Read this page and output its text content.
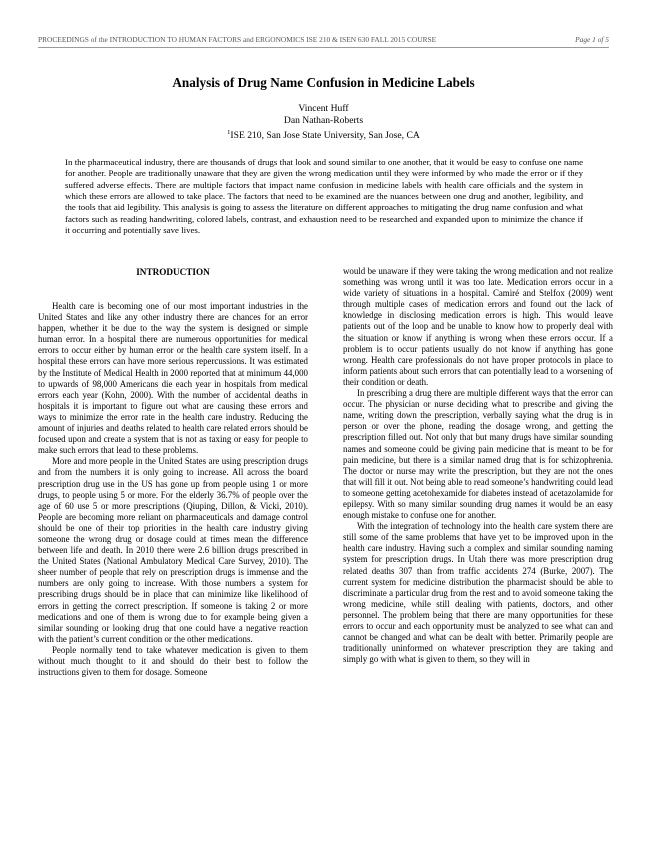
PROCEEDINGS of the INTRODUCTION TO HUMAN FACTORS and ERGONOMICS ISE 210 & ISEN 630 FALL 2015 COURSE	Page 1 of 5
Analysis of Drug Name Confusion in Medicine Labels
Vincent Huff
Dan Nathan-Roberts
$^1$ISE 210, San Jose State University, San Jose, CA
In the pharmaceutical industry, there are thousands of drugs that look and sound similar to one another, that it would be easy to confuse one name for another. People are traditionally unaware that they are given the wrong medication until they were informed by who made the error or if they suffered adverse effects. There are multiple factors that impact name confusion in medicine labels with health care officials and the system in which these errors are allowed to take place. The factors that need to be examined are the nuances between one drug and another, legibility, and the tools that aid legibility. This analysis is going to assess the literature on different approaches to mitigating the drug name confusion and what factors such as reading handwriting, colored labels, contrast, and exhaustion need to be researched and expanded upon to minimize the chance if it occurring and potentially save lives.
INTRODUCTION

Health care is becoming one of our most important industries in the United States and like any other industry there are chances for an error happen, whether it be due to the way the system is designed or simple human error. In a hospital there are numerous opportunities for medical errors to occur either by human error or the health care system itself. In a hospital these errors can have more serious repercussions. It was estimated by the Institute of Medical Health in 2000 reported that at minimum 44,000 to upwards of 98,000 Americans die each year in hospitals from medical errors each year (Kohn, 2000). With the number of accidental deaths in hospitals it is important to figure out what are causing these errors and ways to minimize the error rate in the health care industry. Reducing the amount of injuries and deaths related to health care related errors should be focused upon and create a system that is not as taxing or easy for people to make such errors that lead to these problems.

More and more people in the United States are using prescription drugs and from the numbers it is only going to increase. All across the board prescription drug use in the US has gone up from people using 1 or more drugs, to people using 5 or more. For the elderly 36.7% of people over the age of 60 use 5 or more prescriptions (Qiuping, Dillon, & Vicki, 2010). People are becoming more reliant on pharmaceuticals and damage control should be one of their top priorities in the health care industry giving someone the wrong drug or dosage could at times mean the difference between life and death. In 2010 there were 2.6 billion drugs prescribed in the United States (National Ambulatory Medical Care Survey, 2010). The sheer number of people that rely on prescription drugs is immense and the numbers are only going to increase. With those numbers a system for prescribing drugs should be in place that can minimize like likelihood of errors in getting the correct prescription. If someone is taking 2 or more medications and one of them is wrong due to for example being given a similar sounding or looking drug that one could have a negative reaction with the patient’s current condition or the other medications.

People normally tend to take whatever medication is given to them without much thought to it and should do their best to follow the instructions given to them for dosage. Someone

would be unaware if they were taking the wrong medication and not realize something was wrong until it was too late. Medication errors occur in a wide variety of situations in a hospital. Camiré and Stelfox (2009) went through multiple cases of medication errors and found out the lack of knowledge in disclosing medication errors is high. This would leave patients out of the loop and be unable to know how to properly deal with the situation or know if anything is wrong when these errors occur. If a problem is to occur patients usually do not know if anything has gone wrong. Health care professionals do not have proper protocols in place to inform patients about such errors that can potentially lead to a worsening of their condition or death.

In prescribing a drug there are multiple different ways that the error can occur. The physician or nurse deciding what to prescribe and giving the name, writing down the prescription, verbally saying what the drug is in person or over the phone, reading the dosage wrong, and getting the prescription filled out. Not only that but many drugs have similar sounding names and someone could be giving pain medicine that is meant to be for pain medicine, but there is a similar named drug that is for schizophrenia. The doctor or nurse may write the prescription, but they are not the ones that will fill it out. Not being able to read someone’s handwriting could lead to someone getting acetohexamide for diabetes instead of acetazolamide for epilepsy. With so many similar sounding drug names it would be an easy enough mistake to confuse one for another.

With the integration of technology into the health care system there are still some of the same problems that have yet to be improved upon in the health care industry. Having such a complex and similar sounding naming system for prescription drugs. In Utah there was more prescription drug related deaths 307 than from traffic accidents 274 (Burke, 2007). The current system for medicine distribution the pharmacist should be able to discriminate a particular drug from the rest and to avoid someone taking the wrong medicine, while still dealing with patients, doctors, and other personnel. The problem being that there are many opportunities for these errors to occur and each opportunity must be analyzed to see what can and cannot be changed and what can be dealt with better. Primarily people are traditionally uninformed on whatever prescription they are taking and simply go with what is given to them, so they will in
